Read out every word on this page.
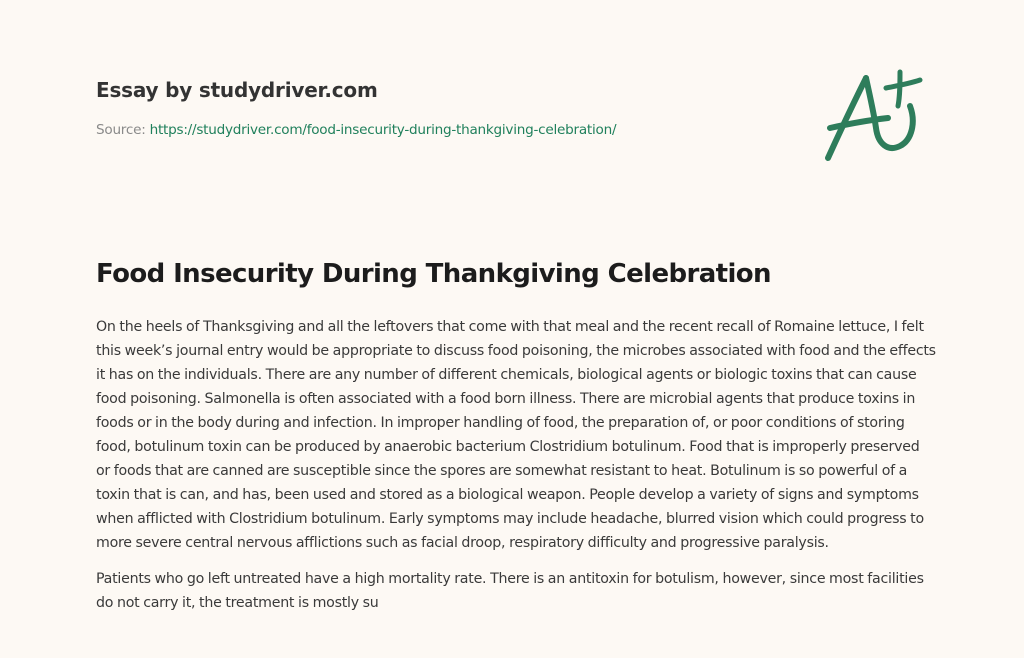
Essay by studydriver.com
Source: https://studydriver.com/food-insecurity-during-thankgiving-celebration/
Food Insecurity During Thankgiving Celebration

On the heels of Thanksgiving and all the leftovers that come with that meal and the recent recall of Romaine lettuce, I felt this week’s journal entry would be appropriate to discuss food poisoning, the microbes associated with food and the effects it has on the individuals. There are any number of different chemicals, biological agents or biologic toxins that can cause food poisoning. Salmonella is often associated with a food born illness. There are microbial agents that produce toxins in foods or in the body during and infection. In improper handling of food, the preparation of, or poor conditions of storing food, botulinum toxin can be produced by anaerobic bacterium Clostridium botulinum. Food that is improperly preserved or foods that are canned are susceptible since the spores are somewhat resistant to heat. Botulinum is so powerful of a toxin that is can, and has, been used and stored as a biological weapon. People develop a variety of signs and symptoms when afflicted with Clostridium botulinum. Early symptoms may include headache, blurred vision which could progress to more severe central nervous afflictions such as facial droop, respiratory difficulty and progressive paralysis.

Patients who go left untreated have a high mortality rate. There is an antitoxin for botulism, however, since most facilities do not carry it, the treatment is mostly su
